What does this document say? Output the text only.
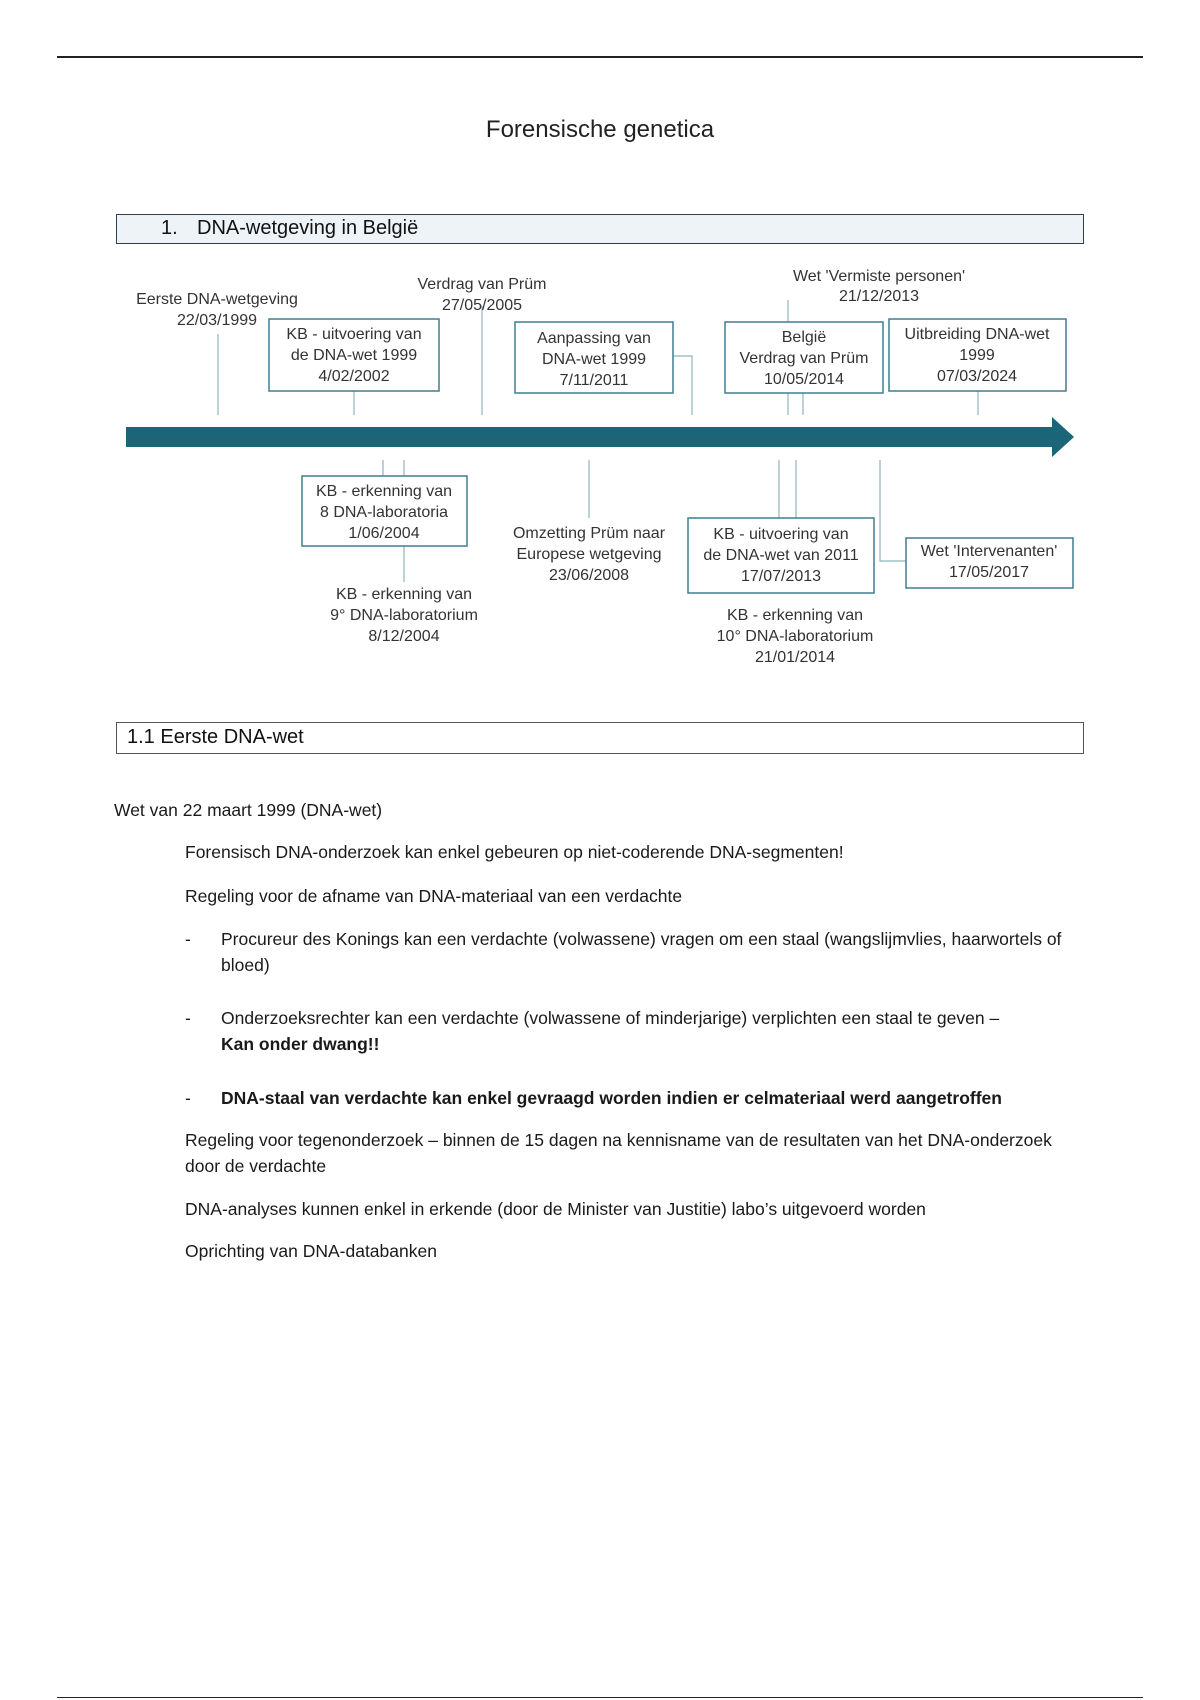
Forensische genetica
1. DNA-wetgeving in België
Eerste DNA-wetgeving
22/03/1999
KB - uitvoering van
de DNA-wet 1999
4/02/2002
Verdrag van Prüm
27/05/2005
Aanpassing van
DNA-wet 1999
7/11/2011
Wet 'Vermiste personen'
21/12/2013
België
Verdrag van Prüm
10/05/2014
Uitbreiding DNA-wet
1999
07/03/2024
KB - erkenning van
8 DNA-laboratoria
1/06/2004
KB - erkenning van
9° DNA-laboratorium
8/12/2004
Omzetting Prüm naar
Europese wetgeving
23/06/2008
KB - uitvoering van
de DNA-wet van 2011
17/07/2013
KB - erkenning van
10° DNA-laboratorium
21/01/2014
Wet 'Intervenanten'
17/05/2017
1.1 Eerste DNA-wet
Wet van 22 maart 1999 (DNA-wet)
Forensisch DNA-onderzoek kan enkel gebeuren op niet-coderende DNA-segmenten!
Regeling voor de afname van DNA-materiaal van een verdachte
- Procureur des Konings kan een verdachte (volwassene) vragen om een staal (wangslijmvlies, haarwortels of bloed)
- Onderzoeksrechter kan een verdachte (volwassene of minderjarige) verplichten een staal te geven –
Kan onder dwang!!
- DNA-staal van verdachte kan enkel gevraagd worden indien er celmateriaal werd aangetroffen
Regeling voor tegenonderzoek – binnen de 15 dagen na kennisname van de resultaten van het DNA-onderzoek door de verdachte
DNA-analyses kunnen enkel in erkende (door de Minister van Justitie) labo’s uitgevoerd worden
Oprichting van DNA-databanken
